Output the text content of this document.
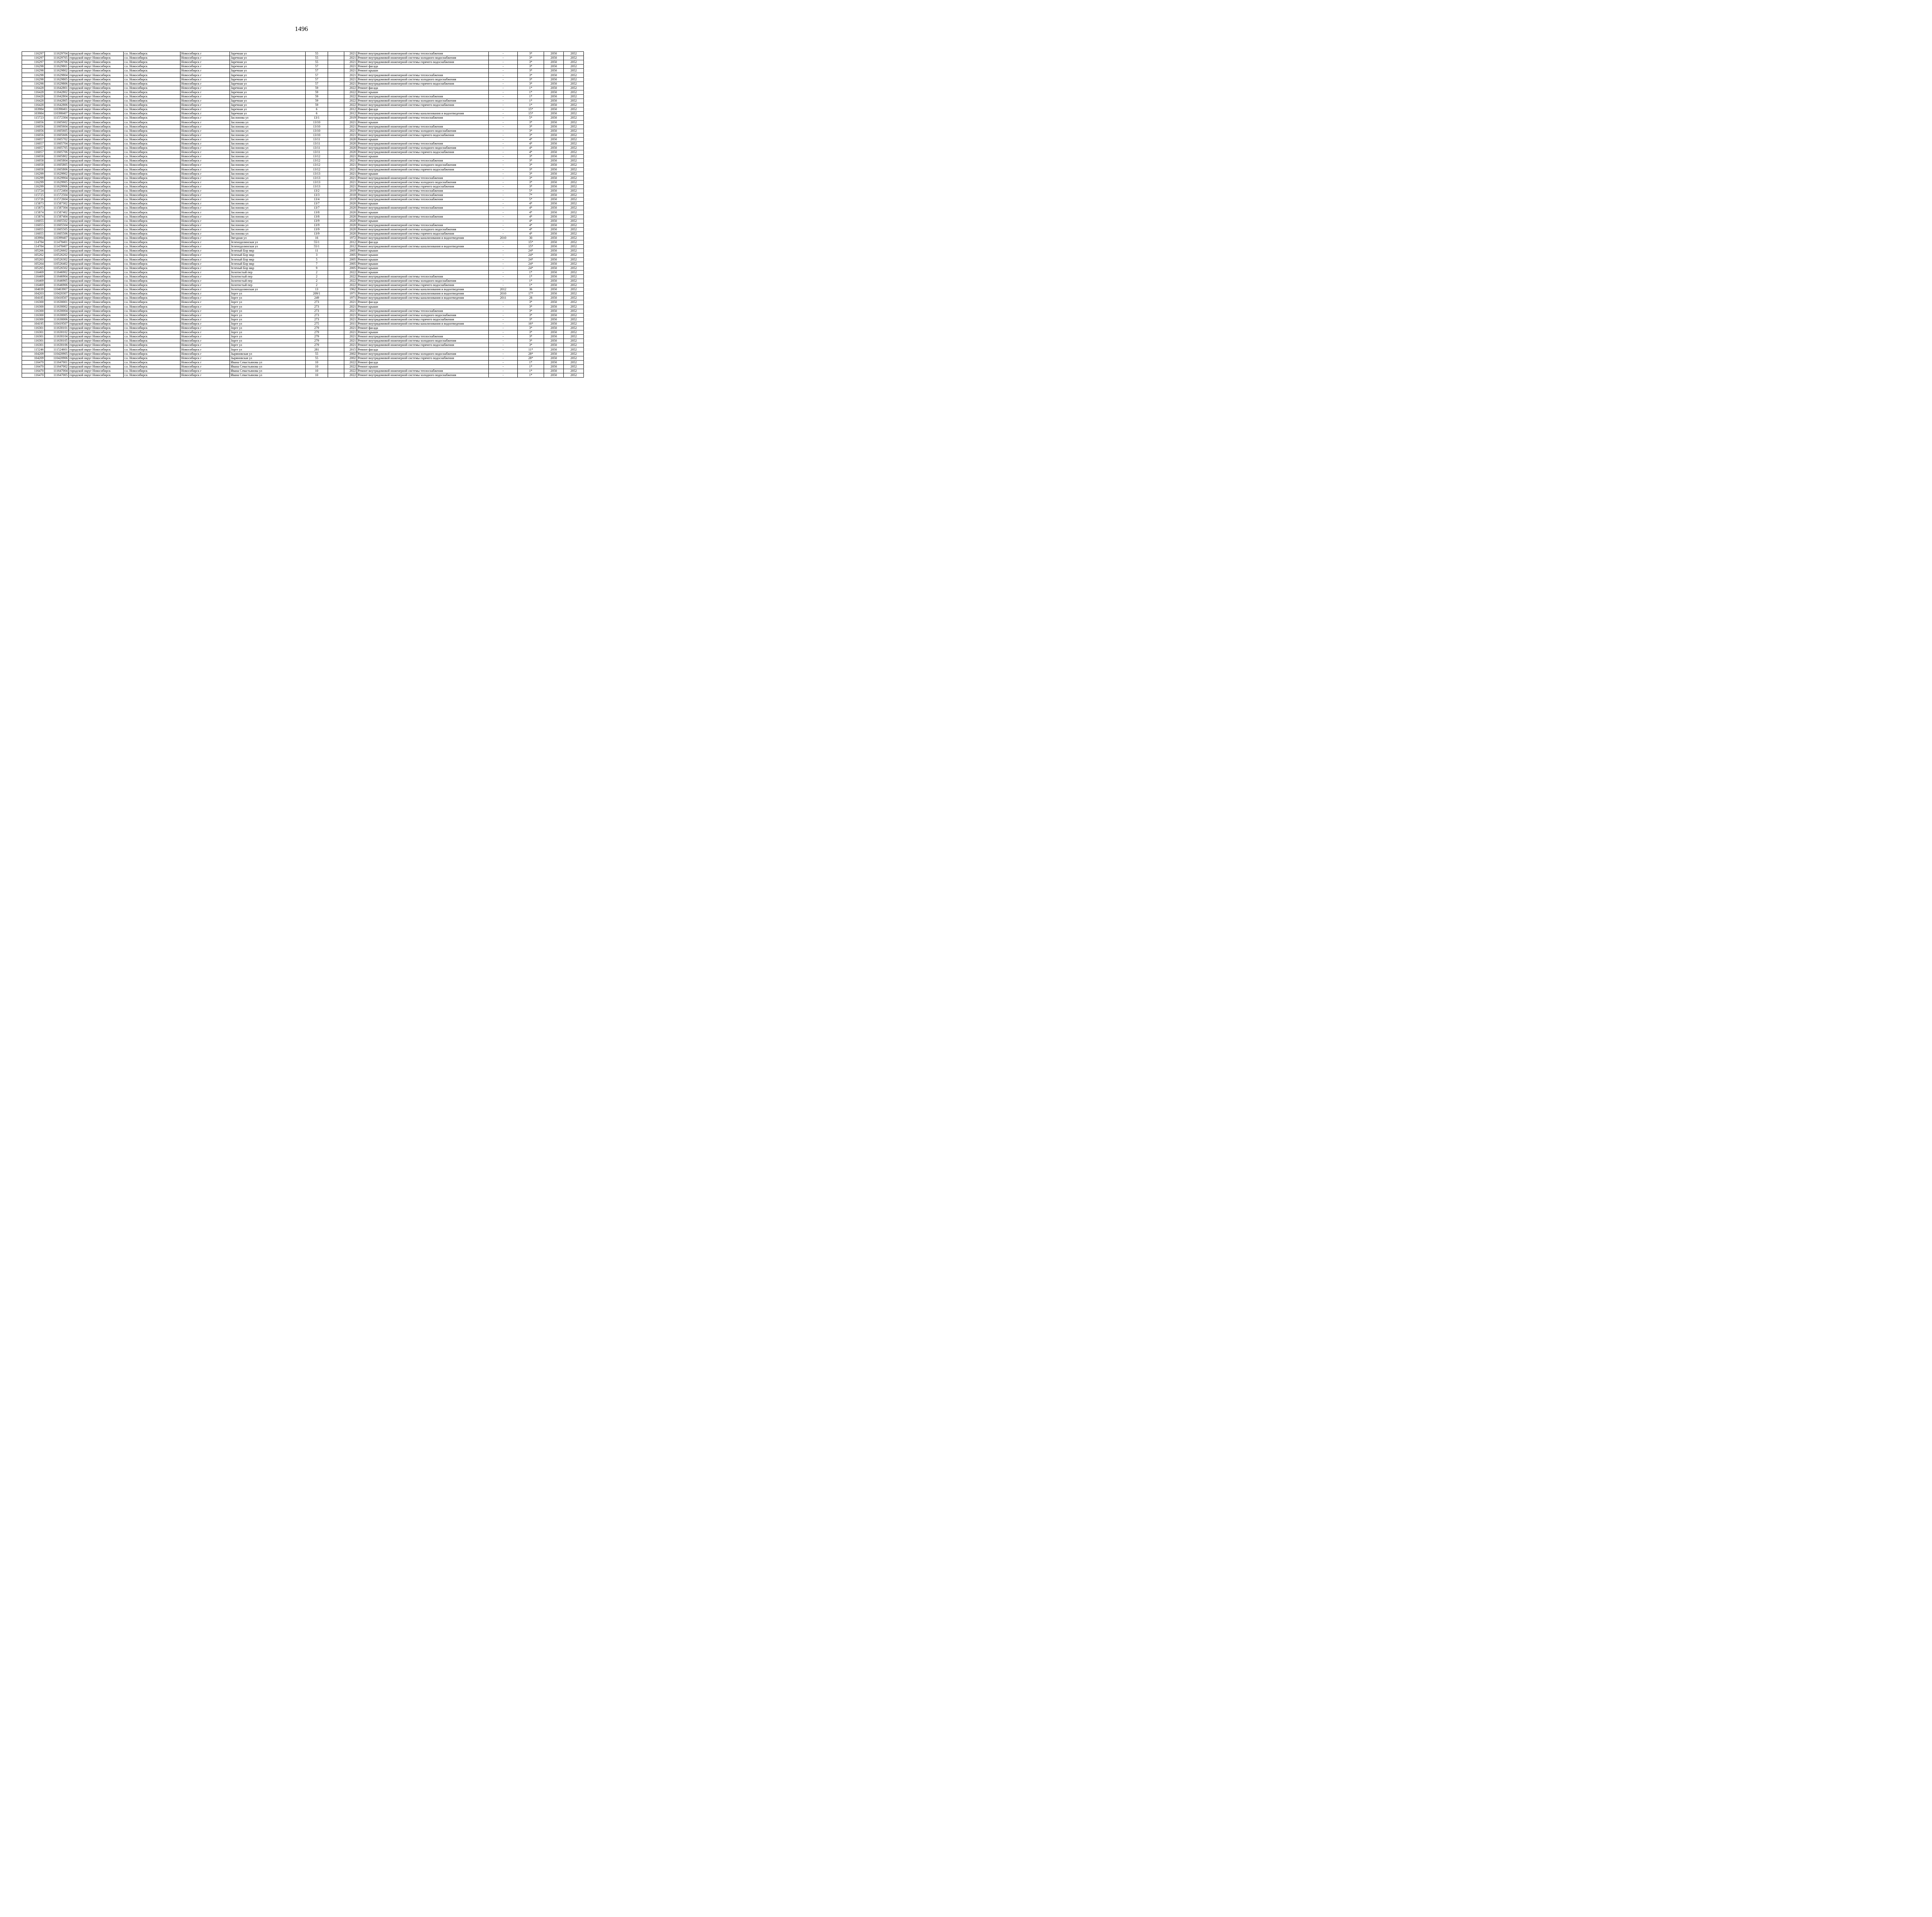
1496
116297	111629704	городской округ Новосибирск	г.о. Новосибирск	Новосибирск г	Заречная ул	55		2021	Ремонт внутридомовой инженерной системы теплоснабжения	-	3*	2050	2052
116297	111629705	городской округ Новосибирск	г.о. Новосибирск	Новосибирск г	Заречная ул	55		2021	Ремонт внутридомовой инженерной системы холодного водоснабжения	-	3*	2050	2052
116297	111629706	городской округ Новосибирск	г.о. Новосибирск	Новосибирск г	Заречная ул	55		2021	Ремонт внутридомовой инженерной системы горячего водоснабжения	-	3*	2050	2052
116298	111629801	городской округ Новосибирск	г.о. Новосибирск	Новосибирск г	Заречная ул	57		2021	Ремонт фасада	-	3*	2050	2052
116298	111629802	городской округ Новосибирск	г.о. Новосибирск	Новосибирск г	Заречная ул	57		2021	Ремонт крыши	-	3*	2050	2052
116298	111629804	городской округ Новосибирск	г.о. Новосибирск	Новосибирск г	Заречная ул	57		2021	Ремонт внутридомовой инженерной системы теплоснабжения	-	3*	2050	2052
116298	111629805	городской округ Новосибирск	г.о. Новосибирск	Новосибирск г	Заречная ул	57		2021	Ремонт внутридомовой инженерной системы холодного водоснабжения	-	3*	2050	2052
116298	111629806	городской округ Новосибирск	г.о. Новосибирск	Новосибирск г	Заречная ул	57		2021	Ремонт внутридомовой инженерной системы горячего водоснабжения	-	3*	2050	2052
116428	111642801	городской округ Новосибирск	г.о. Новосибирск	Новосибирск г	Заречная ул	59		2022	Ремонт фасада	-	1*	2050	2052
116428	111642802	городской округ Новосибирск	г.о. Новосибирск	Новосибирск г	Заречная ул	59		2022	Ремонт крыши	-	1*	2050	2052
116428	111642804	городской округ Новосибирск	г.о. Новосибирск	Новосибирск г	Заречная ул	59		2022	Ремонт внутридомовой инженерной системы теплоснабжения	-	1*	2050	2052
116428	111642805	городской округ Новосибирск	г.о. Новосибирск	Новосибирск г	Заречная ул	59		2022	Ремонт внутридомовой инженерной системы холодного водоснабжения	-	1*	2050	2052
116428	111642806	городской округ Новосибирск	г.о. Новосибирск	Новосибирск г	Заречная ул	59		2022	Ремонт внутридомовой инженерной системы горячего водоснабжения	-	1*	2050	2052
103984	110398401	городской округ Новосибирск	г.о. Новосибирск	Новосибирск г	Заречная ул	6		2012	Ремонт фасада	-	15*	2050	2052
103984	110398407	городской округ Новосибирск	г.о. Новосибирск	Новосибирск г	Заречная ул	6		2012	Ремонт внутридомовой инженерной системы канализования и водоотведения	-	15*	2050	2052
115723	111572304	городской округ Новосибирск	г.о. Новосибирск	Новосибирск г	Заслонова ул	13/1		2019	Ремонт внутридомовой инженерной системы теплоснабжения	-	5*	2050	2052
116056	111605602	городской округ Новосибирск	г.о. Новосибирск	Новосибирск г	Заслонова ул	13/10		2021	Ремонт крыши	-	3*	2050	2052
116056	111605604	городской округ Новосибирск	г.о. Новосибирск	Новосибирск г	Заслонова ул	13/10		2021	Ремонт внутридомовой инженерной системы теплоснабжения	-	3*	2050	2052
116056	111605605	городской округ Новосибирск	г.о. Новосибирск	Новосибирск г	Заслонова ул	13/10		2021	Ремонт внутридомовой инженерной системы холодного водоснабжения	-	3*	2050	2052
116056	111605606	городской округ Новосибирск	г.о. Новосибирск	Новосибирск г	Заслонова ул	13/10		2021	Ремонт внутридомовой инженерной системы горячего водоснабжения	-	3*	2050	2052
116057	111605702	городской округ Новосибирск	г.о. Новосибирск	Новосибирск г	Заслонова ул	13/11		2020	Ремонт крыши	-	4*	2050	2052
116057	111605704	городской округ Новосибирск	г.о. Новосибирск	Новосибирск г	Заслонова ул	13/11		2020	Ремонт внутридомовой инженерной системы теплоснабжения	-	4*	2050	2052
116057	111605705	городской округ Новосибирск	г.о. Новосибирск	Новосибирск г	Заслонова ул	13/11		2020	Ремонт внутридомовой инженерной системы холодного водоснабжения	-	4*	2050	2052
116057	111605706	городской округ Новосибирск	г.о. Новосибирск	Новосибирск г	Заслонова ул	13/11		2020	Ремонт внутридомовой инженерной системы горячего водоснабжения	-	4*	2050	2052
116058	111605802	городской округ Новосибирск	г.о. Новосибирск	Новосибирск г	Заслонова ул	13/12		2021	Ремонт крыши	-	3*	2050	2052
116058	111605804	городской округ Новосибирск	г.о. Новосибирск	Новосибирск г	Заслонова ул	13/12		2021	Ремонт внутридомовой инженерной системы теплоснабжения	-	3*	2050	2052
116058	111605805	городской округ Новосибирск	г.о. Новосибирск	Новосибирск г	Заслонова ул	13/12		2021	Ремонт внутридомовой инженерной системы холодного водоснабжения	-	3*	2050	2052
116058	111605806	городской округ Новосибирск	г.о. Новосибирск	Новосибирск г	Заслонова ул	13/12		2021	Ремонт внутридомовой инженерной системы горячего водоснабжения	-	3*	2050	2052
116299	111629902	городской округ Новосибирск	г.о. Новосибирск	Новосибирск г	Заслонова ул	13/13		2021	Ремонт крыши	-	3*	2050	2052
116299	111629904	городской округ Новосибирск	г.о. Новосибирск	Новосибирск г	Заслонова ул	13/13		2021	Ремонт внутридомовой инженерной системы теплоснабжения	-	3*	2050	2052
116299	111629905	городской округ Новосибирск	г.о. Новосибирск	Новосибирск г	Заслонова ул	13/13		2021	Ремонт внутридомовой инженерной системы холодного водоснабжения	-	3*	2050	2052
116299	111629906	городской округ Новосибирск	г.о. Новосибирск	Новосибирск г	Заслонова ул	13/13		2021	Ремонт внутридомовой инженерной системы горячего водоснабжения	-	3*	2050	2052
115724	111572404	городской округ Новосибирск	г.о. Новосибирск	Новосибирск г	Заслонова ул	13/2		2019	Ремонт внутридомовой инженерной системы теплоснабжения	-	5*	2050	2052
115725	111572504	городской округ Новосибирск	г.о. Новосибирск	Новосибирск г	Заслонова ул	13/3		2018	Ремонт внутридомовой инженерной системы теплоснабжения	-	7*	2050	2052
115726	111572604	городской округ Новосибирск	г.о. Новосибирск	Новосибирск г	Заслонова ул	13/4		2019	Ремонт внутридомовой инженерной системы теплоснабжения	-	5*	2050	2052
115873	111587302	городской округ Новосибирск	г.о. Новосибирск	Новосибирск г	Заслонова ул	13/7		2020	Ремонт крыши	-	4*	2050	2052
115873	111587304	городской округ Новосибирск	г.о. Новосибирск	Новосибирск г	Заслонова ул	13/7		2020	Ремонт внутридомовой инженерной системы теплоснабжения	-	4*	2050	2052
115874	111587402	городской округ Новосибирск	г.о. Новосибирск	Новосибирск г	Заслонова ул	13/8		2020	Ремонт крыши	-	4*	2050	2052
115874	111587404	городской округ Новосибирск	г.о. Новосибирск	Новосибирск г	Заслонова ул	13/8		2020	Ремонт внутридомовой инженерной системы теплоснабжения	-	4*	2050	2052
116055	111605502	городской округ Новосибирск	г.о. Новосибирск	Новосибирск г	Заслонова ул	13/9		2020	Ремонт крыши	-	4*	2050	2052
116055	111605504	городской округ Новосибирск	г.о. Новосибирск	Новосибирск г	Заслонова ул	13/9		2020	Ремонт внутридомовой инженерной системы теплоснабжения	-	4*	2050	2052
116055	111605505	городской округ Новосибирск	г.о. Новосибирск	Новосибирск г	Заслонова ул	13/9		2020	Ремонт внутридомовой инженерной системы холодного водоснабжения	-	4*	2050	2052
116055	111605506	городской округ Новосибирск	г.о. Новосибирск	Новосибирск г	Заслонова ул	13/9		2020	Ремонт внутридомовой инженерной системы горячего водоснабжения	-	4*	2050	2052
103994	110399407	городской округ Новосибирск	г.о. Новосибирск	Новосибирск г	Звездная ул	16		1972	Ремонт внутридомовой инженерной системы канализования и водоотведения	2010	30	2050	2052
114784	111478401	городской округ Новосибирск	г.о. Новосибирск	Новосибирск г	Зеленодолинская ул	55/1		2012	Ремонт фасада	-	15*	2050	2052
114784	111478407	городской округ Новосибирск	г.о. Новосибирск	Новосибирск г	Зеленодолинская ул	55/1		2012	Ремонт внутридомовой инженерной системы канализования и водоотведения	-	15*	2050	2052
105266	110526602	городской округ Новосибирск	г.о. Новосибирск	Новосибирск г	Зеленый Бор мкр	11		2005	Ремонт крыши	-	24*	2050	2052
105262	110526202	городской округ Новосибирск	г.о. Новосибирск	Новосибирск г	Зеленый Бор мкр	3		2005	Ремонт крыши	-	24*	2050	2052
105263	110526302	городской округ Новосибирск	г.о. Новосибирск	Новосибирск г	Зеленый Бор мкр	5		2005	Ремонт крыши	-	24*	2050	2052
105264	110526402	городской округ Новосибирск	г.о. Новосибирск	Новосибирск г	Зеленый Бор мкр	7		2005	Ремонт крыши	-	24*	2050	2052
105265	110526502	городской округ Новосибирск	г.о. Новосибирск	Новосибирск г	Зеленый Бор мкр	9		2005	Ремонт крыши	-	24*	2050	2052
116469	111646902	городской округ Новосибирск	г.о. Новосибирск	Новосибирск г	Золотистый пер	2		2022	Ремонт крыши	-	1*	2050	2052
116469	111646904	городской округ Новосибирск	г.о. Новосибирск	Новосибирск г	Золотистый пер	2		2022	Ремонт внутридомовой инженерной системы теплоснабжения	-	1*	2050	2052
116469	111646905	городской округ Новосибирск	г.о. Новосибирск	Новосибирск г	Золотистый пер	2		2022	Ремонт внутридомовой инженерной системы холодного водоснабжения	-	1*	2050	2052
116469	111646906	городской округ Новосибирск	г.о. Новосибирск	Новосибирск г	Золотистый пер	2		2022	Ремонт внутридомовой инженерной системы горячего водоснабжения	-	1*	2050	2052
104039	110403907	городской округ Новосибирск	г.о. Новосибирск	Новосибирск г	Золотодолинская ул	13		1962	Ремонт внутридомовой инженерной системы канализования и водоотведения	2012	36	2050	2052
104203	110420307	городской округ Новосибирск	г.о. Новосибирск	Новосибирск г	Зорге ул	209/1		1971	Ремонт внутридомовой инженерной системы канализования и водоотведения	2010	17*	2050	2052
104185	110418507	городской округ Новосибирск	г.о. Новосибирск	Новосибирск г	Зорге ул	249		1971	Ремонт внутридомовой инженерной системы канализования и водоотведения	2011	28	2050	2052
116300	111630001	городской округ Новосибирск	г.о. Новосибирск	Новосибирск г	Зорге ул	273		2021	Ремонт фасада	-	3*	2050	2052
116300	111630002	городской округ Новосибирск	г.о. Новосибирск	Новосибирск г	Зорге ул	273		2021	Ремонт крыши	-	3*	2050	2052
116300	111630004	городской округ Новосибирск	г.о. Новосибирск	Новосибирск г	Зорге ул	273		2021	Ремонт внутридомовой инженерной системы теплоснабжения	-	3*	2050	2052
116300	111630005	городской округ Новосибирск	г.о. Новосибирск	Новосибирск г	Зорге ул	273		2021	Ремонт внутридомовой инженерной системы холодного водоснабжения	-	3*	2050	2052
116300	111630006	городской округ Новосибирск	г.о. Новосибирск	Новосибирск г	Зорге ул	273		2021	Ремонт внутридомовой инженерной системы горячего водоснабжения	-	3*	2050	2052
104195	110419507	городской округ Новосибирск	г.о. Новосибирск	Новосибирск г	Зорге ул	275		2011	Ремонт внутридомовой инженерной системы канализования и водоотведения	-	16*	2050	2052
116301	111630101	городской округ Новосибирск	г.о. Новосибирск	Новосибирск г	Зорге ул	279		2021	Ремонт фасада	-	3*	2050	2052
116301	111630102	городской округ Новосибирск	г.о. Новосибирск	Новосибирск г	Зорге ул	279		2021	Ремонт крыши	-	3*	2050	2052
116301	111630104	городской округ Новосибирск	г.о. Новосибирск	Новосибирск г	Зорге ул	279		2021	Ремонт внутридомовой инженерной системы теплоснабжения	-	3*	2050	2052
116301	111630105	городской округ Новосибирск	г.о. Новосибирск	Новосибирск г	Зорге ул	279		2021	Ремонт внутридомовой инженерной системы холодного водоснабжения	-	3*	2050	2052
116301	111630106	городской округ Новосибирск	г.о. Новосибирск	Новосибирск г	Зорге ул	279		2021	Ремонт внутридомовой инженерной системы горячего водоснабжения	-	3*	2050	2052
115246	111524601	городской округ Новосибирск	г.о. Новосибирск	Новосибирск г	Зорге ул	281		2015	Ремонт фасада	-	11*	2050	2052
104209	110420905	городской округ Новосибирск	г.о. Новосибирск	Новосибирск г	Зыряновская ул	55		2002	Ремонт внутридомовой инженерной системы холодного водоснабжения	-	28*	2050	2052
104209	110420906	городской округ Новосибирск	г.о. Новосибирск	Новосибирск г	Зыряновская ул	55		2002	Ремонт внутридомовой инженерной системы горячего водоснабжения	-	28*	2050	2052
116470	111647001	городской округ Новосибирск	г.о. Новосибирск	Новосибирск г	Ивана Севастьянова ул	10		2022	Ремонт фасада	-	1*	2050	2052
116470	111647002	городской округ Новосибирск	г.о. Новосибирск	Новосибирск г	Ивана Севастьянова ул	10		2022	Ремонт крыши	-	1*	2050	2052
116470	111647004	городской округ Новосибирск	г.о. Новосибирск	Новосибирск г	Ивана Севастьянова ул	10		2022	Ремонт внутридомовой инженерной системы теплоснабжения	-	1*	2050	2052
116470	111647005	городской округ Новосибирск	г.о. Новосибирск	Новосибирск г	Ивана Севастьянова ул	10		2022	Ремонт внутридомовой инженерной системы холодного водоснабжения	-	1*	2050	2052
